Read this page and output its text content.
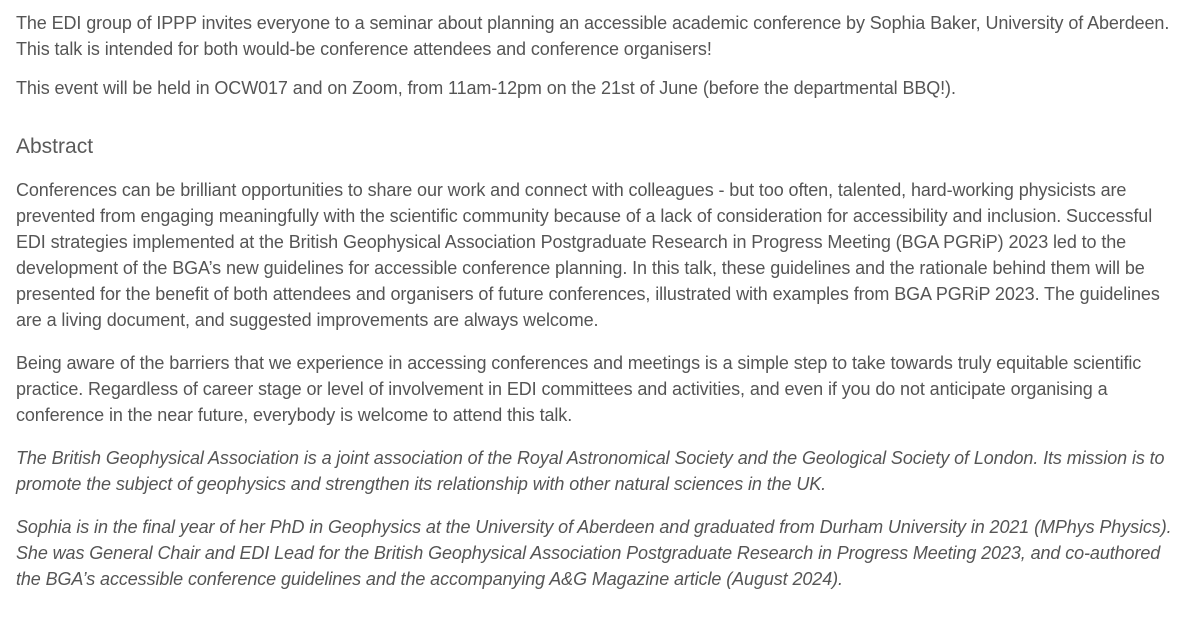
The EDI group of IPPP invites everyone to a seminar about planning an accessible academic conference by Sophia Baker, University of Aberdeen. This talk is intended for both would-be conference attendees and conference organisers!

This event will be held in OCW017 and on Zoom, from 11am-12pm on the 21st of June (before the departmental BBQ!).

Abstract

Conferences can be brilliant opportunities to share our work and connect with colleagues - but too often, talented, hard-working physicists are prevented from engaging meaningfully with the scientific community because of a lack of consideration for accessibility and inclusion. Successful EDI strategies implemented at the British Geophysical Association Postgraduate Research in Progress Meeting (BGA PGRiP) 2023 led to the development of the BGA’s new guidelines for accessible conference planning. In this talk, these guidelines and the rationale behind them will be presented for the benefit of both attendees and organisers of future conferences, illustrated with examples from BGA PGRiP 2023. The guidelines are a living document, and suggested improvements are always welcome.

Being aware of the barriers that we experience in accessing conferences and meetings is a simple step to take towards truly equitable scientific practice. Regardless of career stage or level of involvement in EDI committees and activities, and even if you do not anticipate organising a conference in the near future, everybody is welcome to attend this talk.

The British Geophysical Association is a joint association of the Royal Astronomical Society and the Geological Society of London. Its mission is to promote the subject of geophysics and strengthen its relationship with other natural sciences in the UK.

Sophia is in the final year of her PhD in Geophysics at the University of Aberdeen and graduated from Durham University in 2021 (MPhys Physics). She was General Chair and EDI Lead for the British Geophysical Association Postgraduate Research in Progress Meeting 2023, and co-authored the BGA’s accessible conference guidelines and the accompanying A&G Magazine article (August 2024).
